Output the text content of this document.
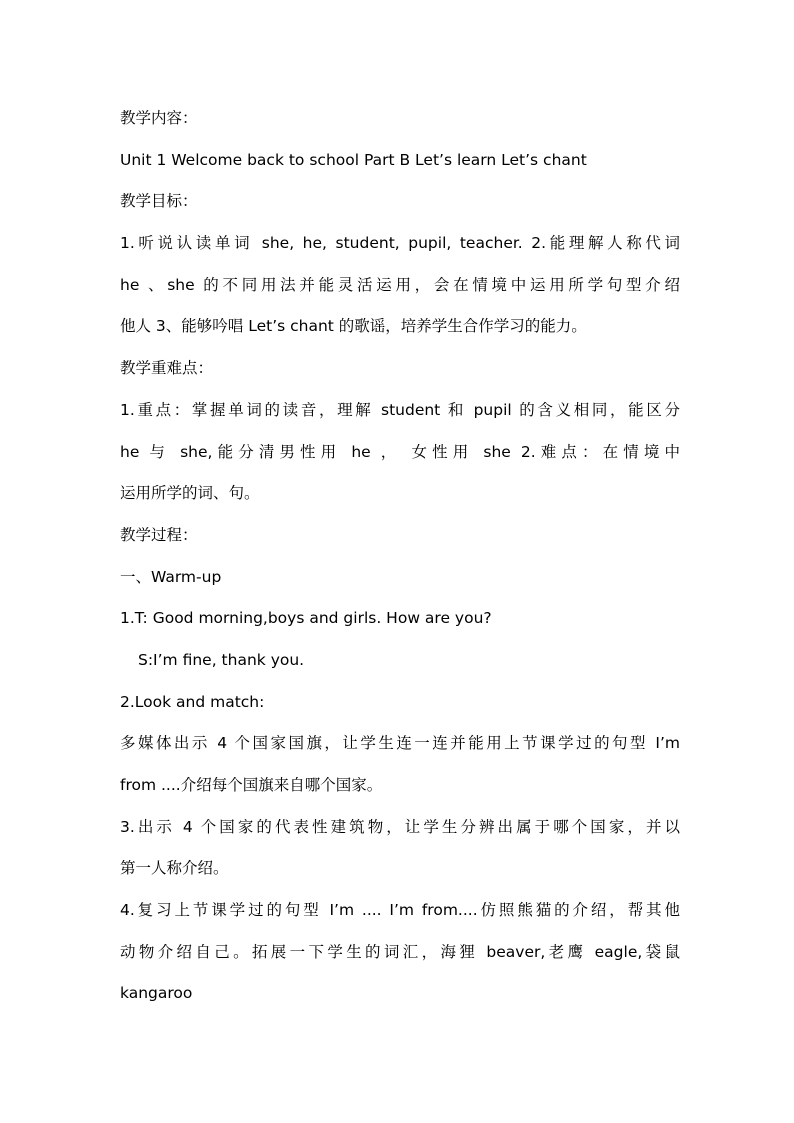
教学内容：
Unit 1 Welcome back to school Part B Let’s learn Let’s chant
教学目标：
1.听说认读单词 she, he, student, pupil, teacher. 2.能理解人称代词
he 、she 的不同用法并能灵活运用，会在情境中运用所学句型介绍
他人 3、能够吟唱 Let’s chant 的歌谣，培养学生合作学习的能力。
教学重难点：
1.重点：掌握单词的读音，理解 student 和 pupil 的含义相同，能区分
he 与 she,能分清男性用 he ， 女性用 she 2.难点：在情境中
运用所学的词、句。
教学过程：
一、Warm-up
1.T: Good morning,boys and girls. How are you?
S:I’m fine, thank you.
2.Look and match:
多媒体出示 4 个国家国旗，让学生连一连并能用上节课学过的句型 I’m
from ....介绍每个国旗来自哪个国家。
3.出示 4 个国家的代表性建筑物，让学生分辨出属于哪个国家，并以
第一人称介绍。
4.复习上节课学过的句型 I’m .... I’m from....仿照熊猫的介绍，帮其他
动物介绍自己。拓展一下学生的词汇，海狸 beaver,老鹰 eagle,袋鼠
kangaroo
